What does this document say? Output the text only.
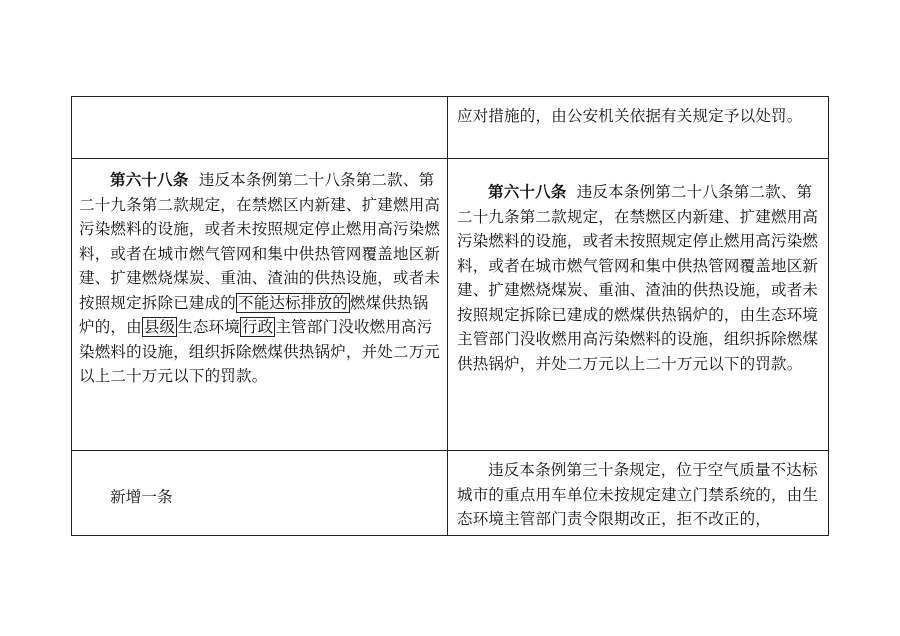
应对措施的，由公安机关依据有关规定予以处罚。

第六十八条 违反本条例第二十八条第二款、第二十九条第二款规定，在禁燃区内新建、扩建燃用高污染燃料的设施，或者未按照规定停止燃用高污染燃料，或者在城市燃气管网和集中供热管网覆盖地区新建、扩建燃烧煤炭、重油、渣油的供热设施，或者未按照规定拆除已建成的 不能达标排放的 燃煤供热锅炉的，由 县级 生态环境 行政 主管部门没收燃用高污染燃料的设施，组织拆除燃煤供热锅炉，并处二万元以上二十万元以下的罚款。

第六十八条 违反本条例第二十八条第二款、第二十九条第二款规定，在禁燃区内新建、扩建燃用高污染燃料的设施，或者未按照规定停止燃用高污染燃料，或者在城市燃气管网和集中供热管网覆盖地区新建、扩建燃烧煤炭、重油、渣油的供热设施，或者未按照规定拆除已建成的燃煤供热锅炉的，由生态环境主管部门没收燃用高污染燃料的设施，组织拆除燃煤供热锅炉，并处二万元以上二十万元以下的罚款。

新增一条

违反本条例第三十条规定，位于空气质量不达标城市的重点用车单位未按规定建立门禁系统的，由生态环境主管部门责令限期改正，拒不改正的，
